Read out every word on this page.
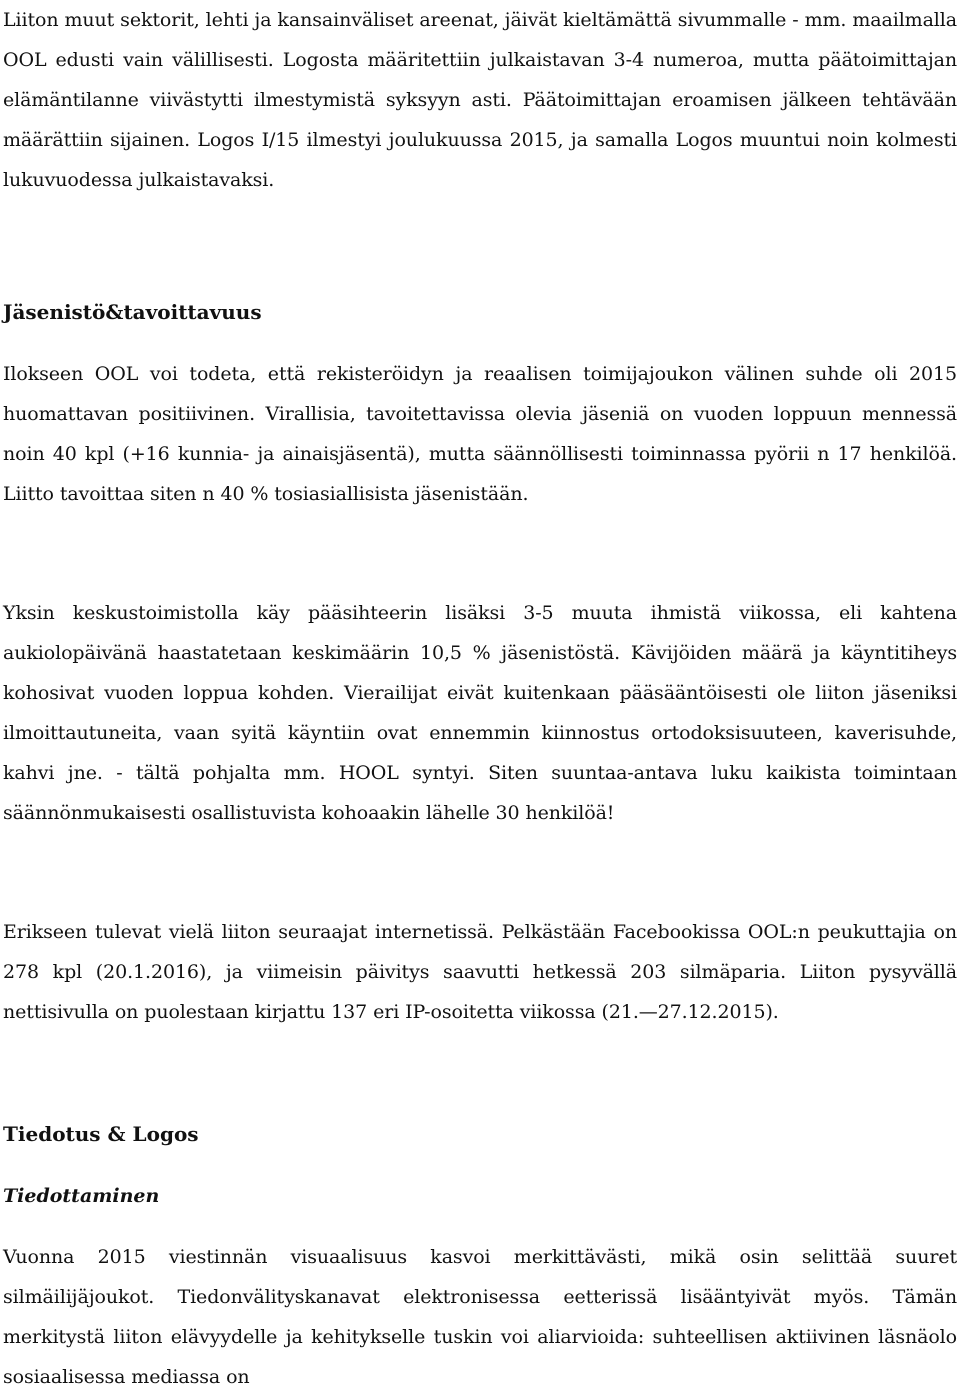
Liiton muut sektorit, lehti ja kansainväliset areenat, jäivät kieltämättä sivummalle - mm. maailmalla OOL edusti vain välillisesti. Logosta määritettiin julkaistavan 3-4 numeroa, mutta päätoimittajan elämäntilanne viivästytti ilmestymistä syksyyn asti. Päätoimittajan eroamisen jälkeen tehtävään määrättiin sijainen. Logos I/15 ilmestyi joulukuussa 2015, ja samalla Logos muuntui noin kolmesti lukuvuodessa julkaistavaksi.

Jäsenistö&tavoittavuus

Ilokseen OOL voi todeta, että rekisteröidyn ja reaalisen toimijajoukon välinen suhde oli 2015 huomattavan positiivinen. Virallisia, tavoitettavissa olevia jäseniä on vuoden loppuun mennessä noin 40 kpl (+16 kunnia- ja ainaisjäsentä), mutta säännöllisesti toiminnassa pyörii n 17 henkilöä. Liitto tavoittaa siten n 40 % tosiasiallisista jäsenistään.

Yksin keskustoimistolla käy pääsihteerin lisäksi 3-5 muuta ihmistä viikossa, eli kahtena aukiolopäivänä haastatetaan keskimäärin 10,5 % jäsenistöstä. Kävijöiden määrä ja käyntitiheys kohosivat vuoden loppua kohden. Vierailijat eivät kuitenkaan pääsääntöisesti ole liiton jäseniksi ilmoittautuneita, vaan syitä käyntiin ovat ennemmin kiinnostus ortodoksisuuteen, kaverisuhde, kahvi jne. - tältä pohjalta mm. HOOL syntyi. Siten suuntaa-antava luku kaikista toimintaan säännönmukaisesti osallistuvista kohoaakin lähelle 30 henkilöä!

Erikseen tulevat vielä liiton seuraajat internetissä. Pelkästään Facebookissa OOL:n peukuttajia on 278 kpl (20.1.2016), ja viimeisin päivitys saavutti hetkessä 203 silmäparia. Liiton pysyvällä nettisivulla on puolestaan kirjattu 137 eri IP-osoitetta viikossa (21.—27.12.2015).

Tiedotus & Logos
Tiedottaminen

Vuonna 2015 viestinnän visuaalisuus kasvoi merkittävästi, mikä osin selittää suuret silmäilijäjoukot. Tiedonvälityskanavat elektronisessa eetterissä lisääntyivät myös. Tämän merkitystä liiton elävyydelle ja kehitykselle tuskin voi aliarvioida: suhteellisen aktiivinen läsnäolo sosiaalisessa mediassa on
